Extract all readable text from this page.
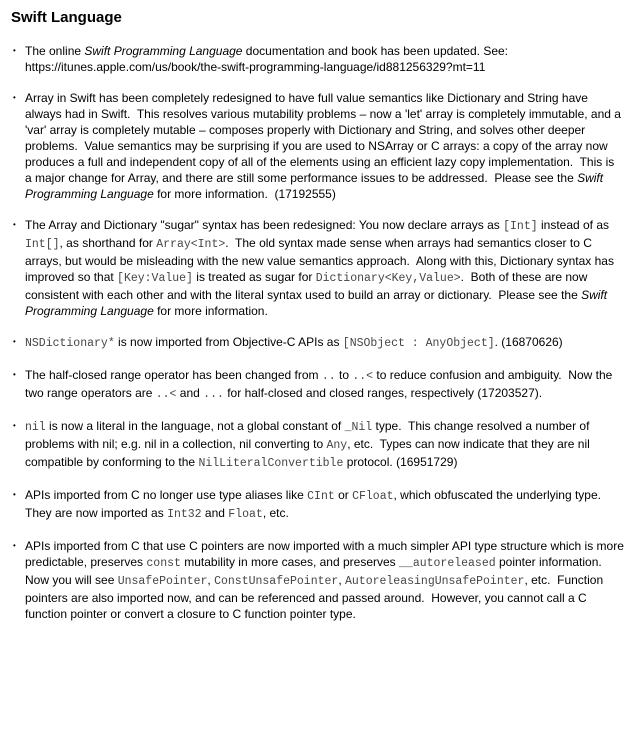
Swift Language
• The online Swift Programming Language documentation and book has been updated. See: https://itunes.apple.com/us/book/the-swift-programming-language/id881256329?mt=11
• Array in Swift has been completely redesigned to have full value semantics like Dictionary and String have always had in Swift.  This resolves various mutability problems – now a 'let' array is completely immutable, and a 'var' array is completely mutable – composes properly with Dictionary and String, and solves other deeper problems.  Value semantics may be surprising if you are used to NSArray or C arrays: a copy of the array now produces a full and independent copy of all of the elements using an efficient lazy copy implementation.  This is a major change for Array, and there are still some performance issues to be addressed.  Please see the Swift Programming Language for more information.  (17192555)
• The Array and Dictionary "sugar" syntax has been redesigned: You now declare arrays as [Int] instead of as Int[], as shorthand for Array<Int>.  The old syntax made sense when arrays had semantics closer to C arrays, but would be misleading with the new value semantics approach.  Along with this, Dictionary syntax has improved so that [Key:Value] is treated as sugar for Dictionary<Key,Value>.  Both of these are now consistent with each other and with the literal syntax used to build an array or dictionary.  Please see the Swift Programming Language for more information.
• NSDictionary* is now imported from Objective-C APIs as [NSObject : AnyObject]. (16870626)
• The half-closed range operator has been changed from .. to ..< to reduce confusion and ambiguity.  Now the two range operators are ..< and ... for half-closed and closed ranges, respectively (17203527).
• nil is now a literal in the language, not a global constant of _Nil type.  This change resolved a number of problems with nil; e.g. nil in a collection, nil converting to Any, etc.  Types can now indicate that they are nil compatible by conforming to the NilLiteralConvertible protocol. (16951729)
• APIs imported from C no longer use type aliases like CInt or CFloat, which obfuscated the underlying type.  They are now imported as Int32 and Float, etc.
• APIs imported from C that use C pointers are now imported with a much simpler API type structure which is more predictable, preserves const mutability in more cases, and preserves __autoreleased pointer information.  Now you will see UnsafePointer, ConstUnsafePointer, AutoreleasingUnsafePointer, etc.  Function pointers are also imported now, and can be referenced and passed around.  However, you cannot call a C function pointer or convert a closure to C function pointer type.
